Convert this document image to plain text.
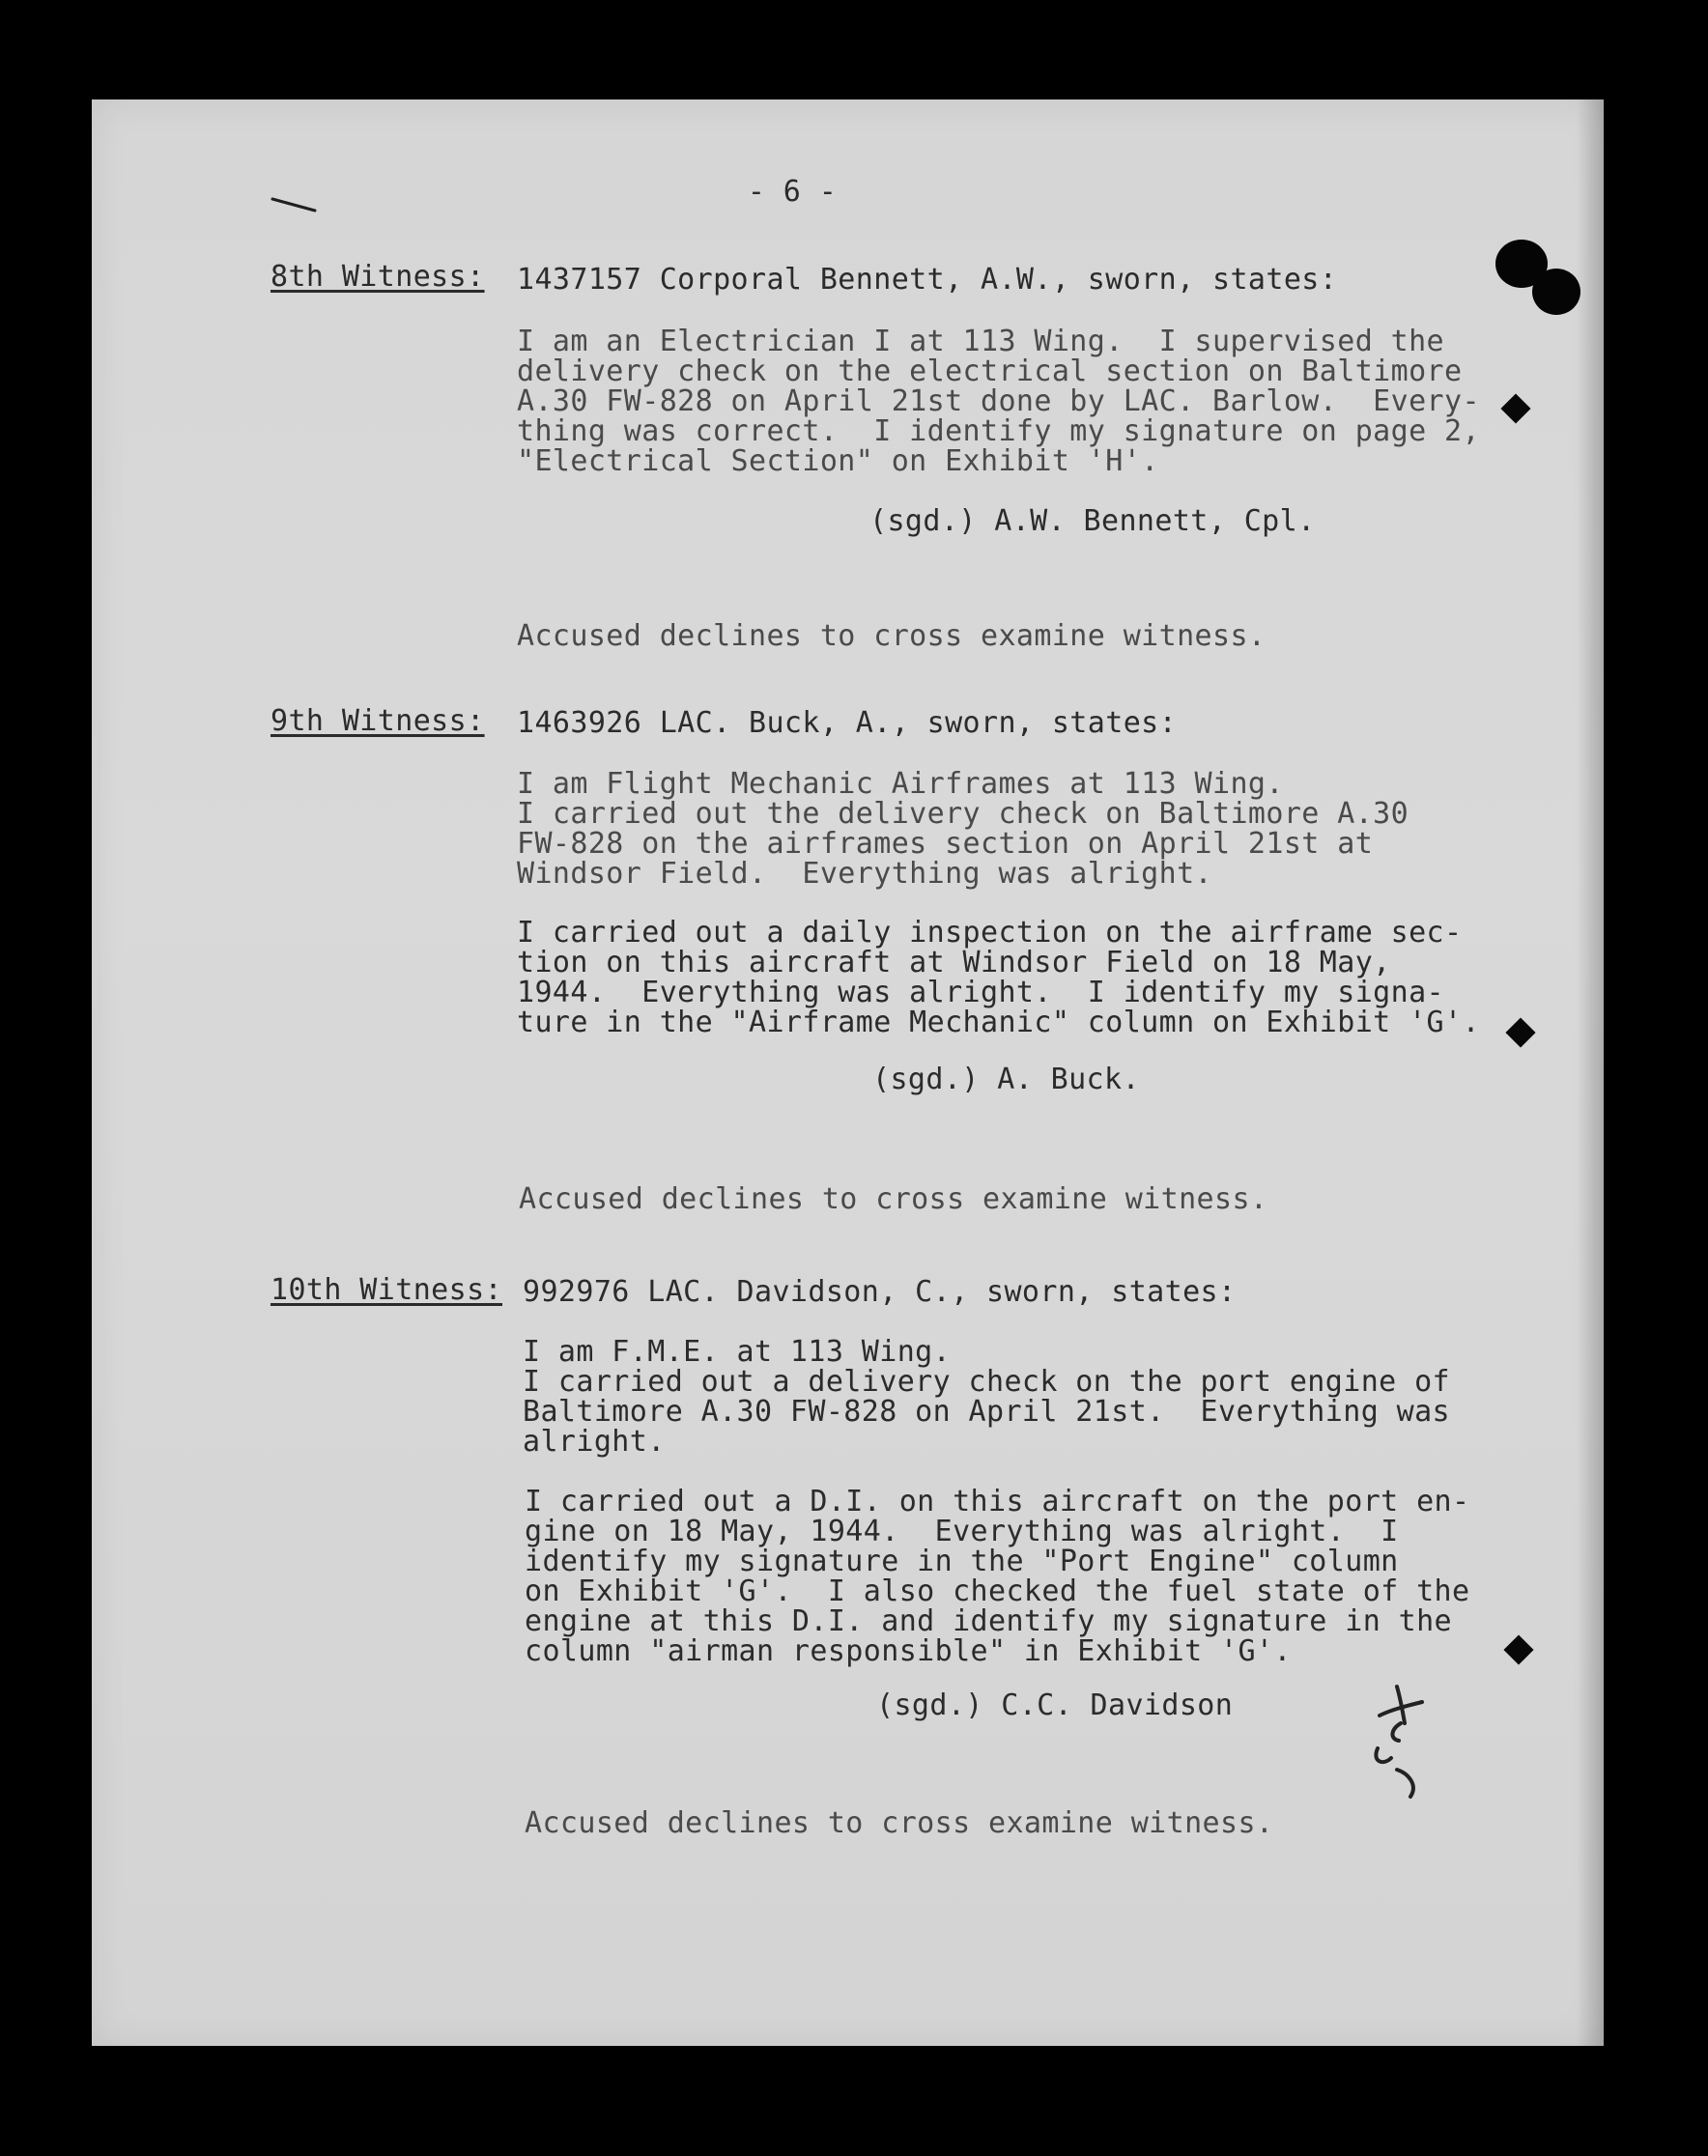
- 6 -
8th Witness: 1437157 Corporal Bennett, A.W., sworn, states:
I am an Electrician I at 113 Wing.  I supervised the
delivery check on the electrical section on Baltimore
A.30 FW-828 on April 21st done by LAC. Barlow.  Every-
thing was correct.  I identify my signature on page 2,
"Electrical Section" on Exhibit 'H'.
(sgd.) A.W. Bennett, Cpl.
Accused declines to cross examine witness.
9th Witness: 1463926 LAC. Buck, A., sworn, states:
I am Flight Mechanic Airframes at 113 Wing.
I carried out the delivery check on Baltimore A.30
FW-828 on the airframes section on April 21st at
Windsor Field.  Everything was alright.
I carried out a daily inspection on the airframe sec-
tion on this aircraft at Windsor Field on 18 May,
1944.  Everything was alright.  I identify my signa-
ture in the "Airframe Mechanic" column on Exhibit 'G'.
(sgd.) A. Buck.
Accused declines to cross examine witness.
10th Witness: 992976 LAC. Davidson, C., sworn, states:
I am F.M.E. at 113 Wing.
I carried out a delivery check on the port engine of
Baltimore A.30 FW-828 on April 21st.  Everything was
alright.
I carried out a D.I. on this aircraft on the port en-
gine on 18 May, 1944.  Everything was alright.  I
identify my signature in the "Port Engine" column
on Exhibit 'G'.  I also checked the fuel state of the
engine at this D.I. and identify my signature in the
column "airman responsible" in Exhibit 'G'.
(sgd.) C.C. Davidson
Accused declines to cross examine witness.
